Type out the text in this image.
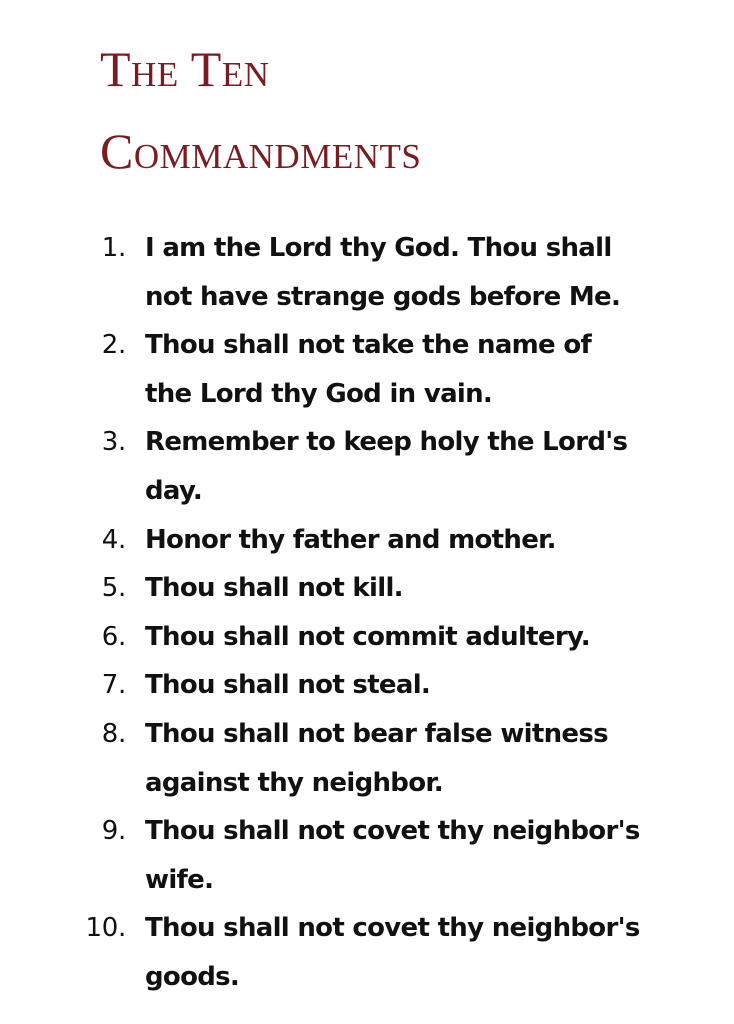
The Ten
Commandments
1. I am the Lord thy God. Thou shall not have strange gods before Me.
2. Thou shall not take the name of the Lord thy God in vain.
3. Remember to keep holy the Lord's day.
4. Honor thy father and mother.
5. Thou shall not kill.
6. Thou shall not commit adultery.
7. Thou shall not steal.
8. Thou shall not bear false witness against thy neighbor.
9. Thou shall not covet thy neighbor's wife.
10. Thou shall not covet thy neighbor's goods.
